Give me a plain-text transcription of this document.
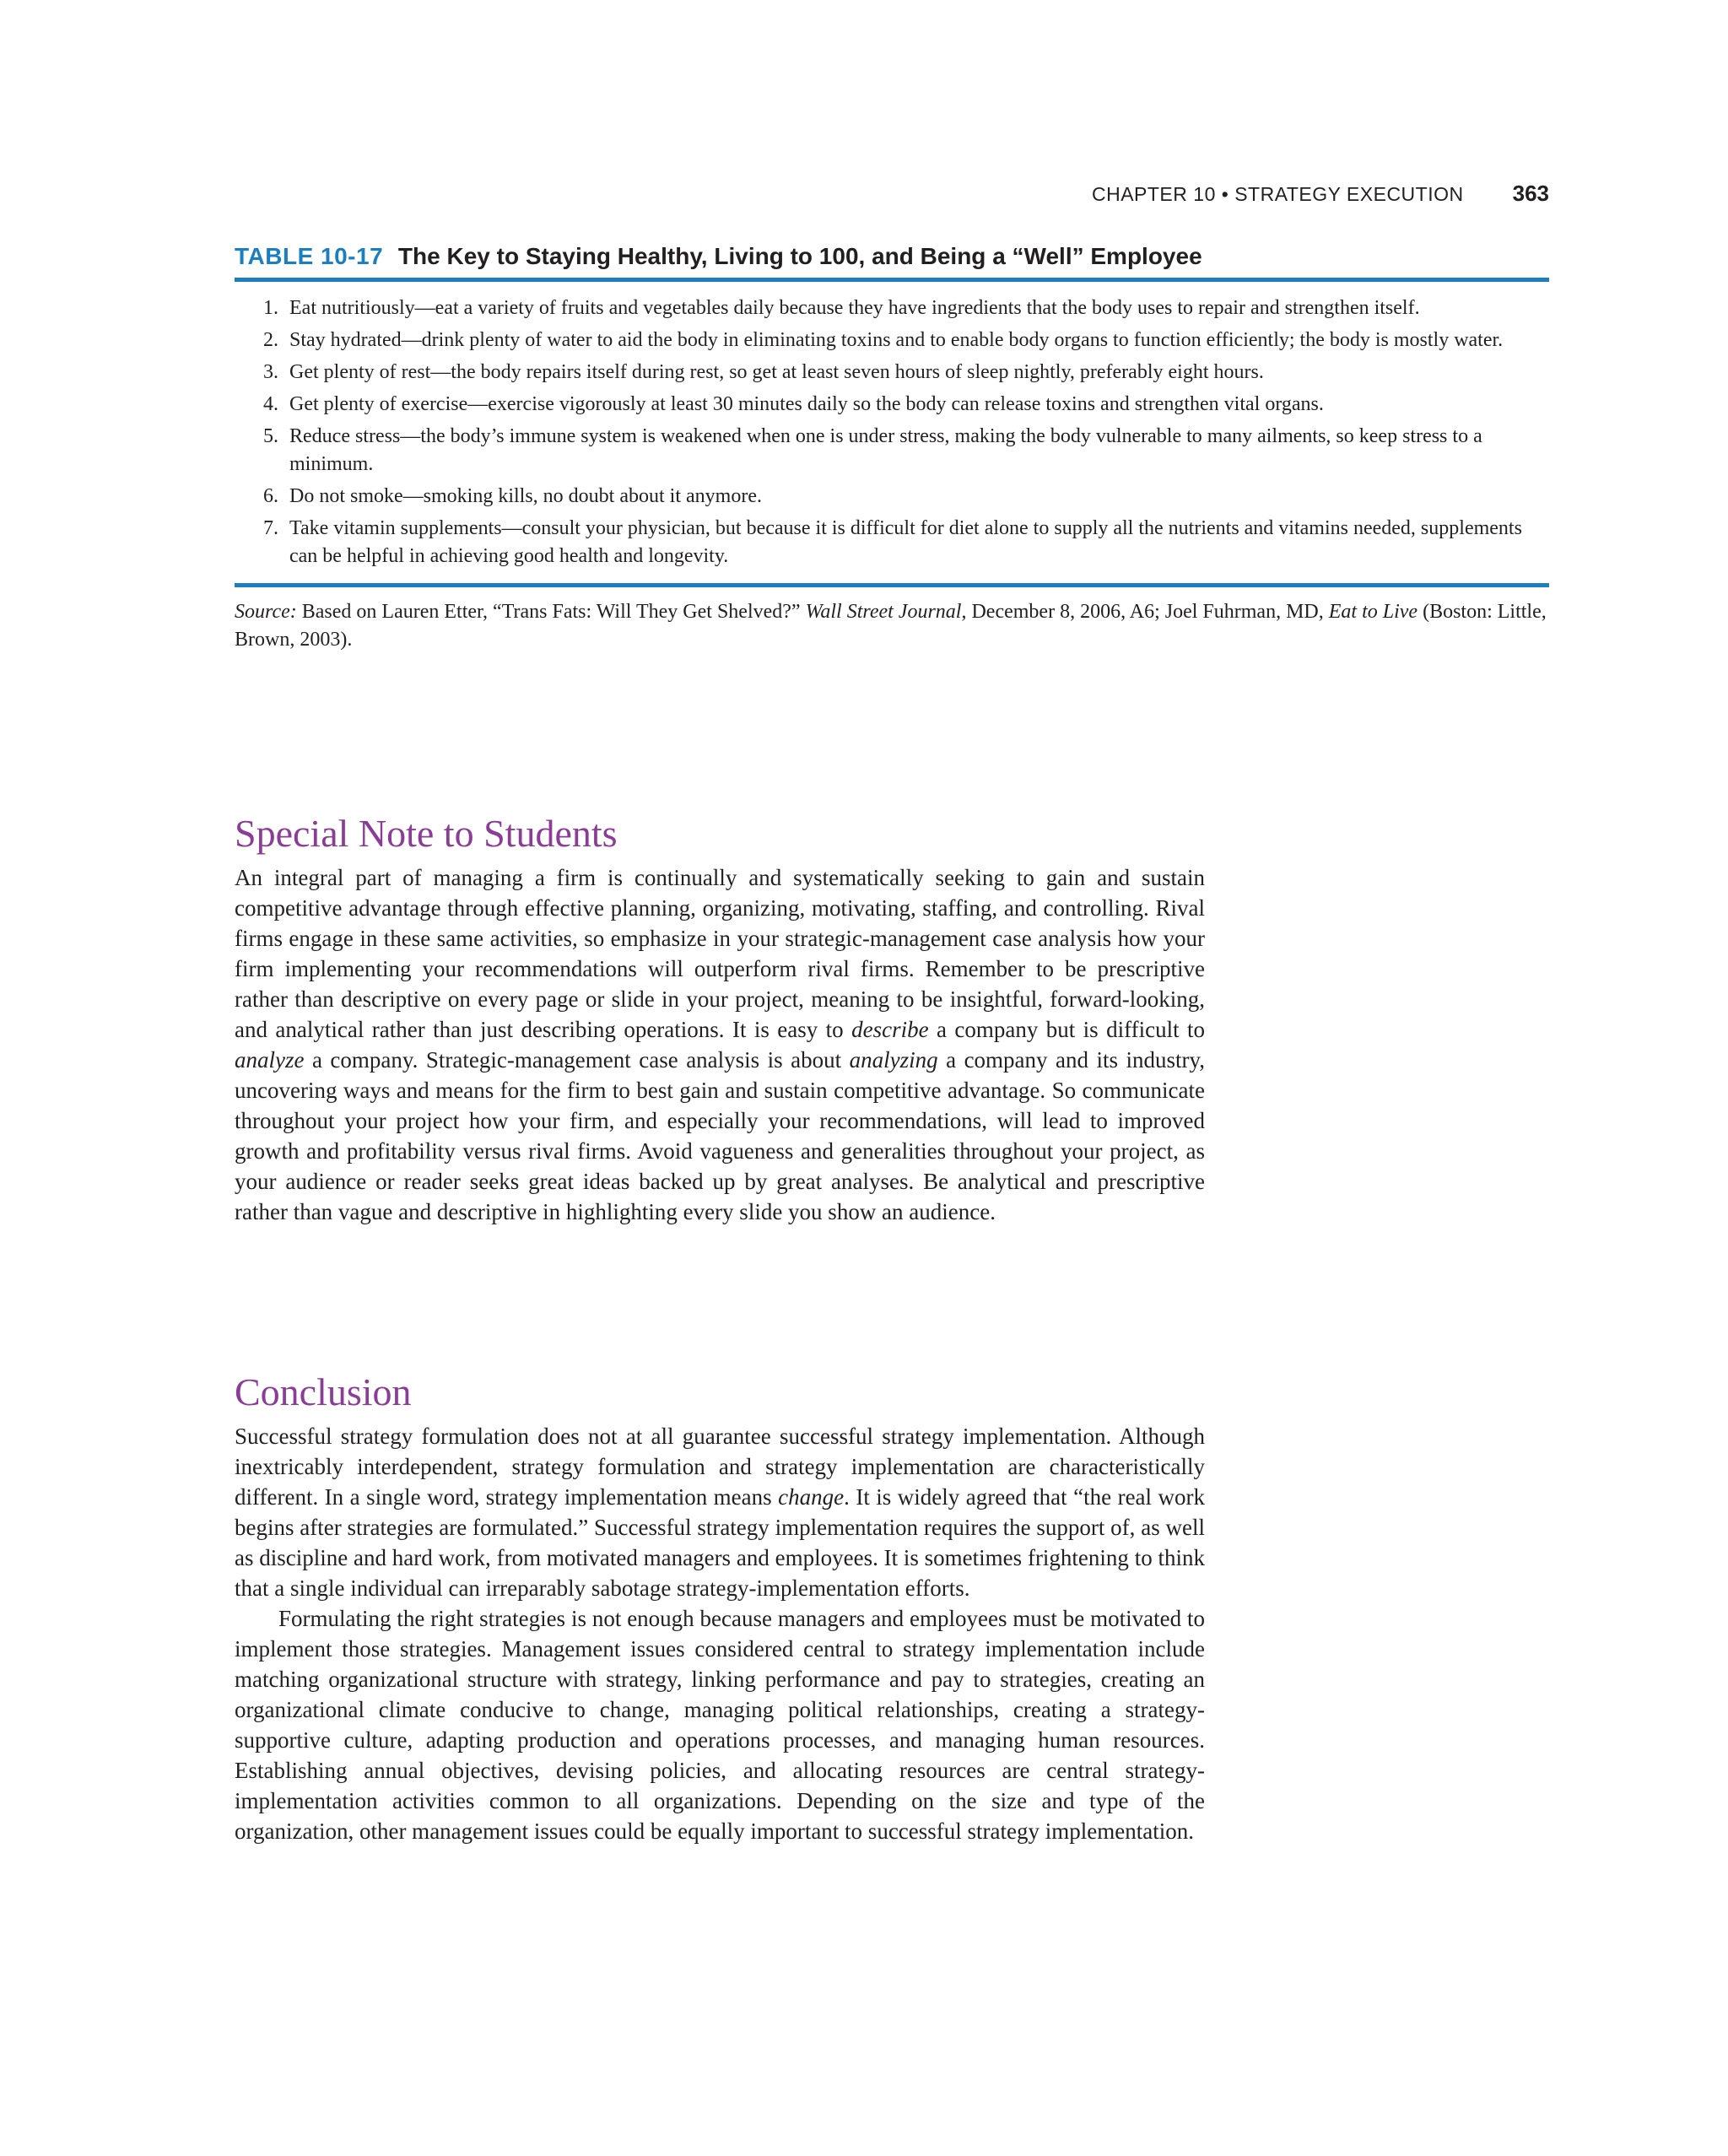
CHAPTER 10 • STRATEGY EXECUTION 363
TABLE 10-17 The Key to Staying Healthy, Living to 100, and Being a “Well” Employee
1. Eat nutritiously—eat a variety of fruits and vegetables daily because they have ingredients that the body uses to repair and strengthen itself.
2. Stay hydrated—drink plenty of water to aid the body in eliminating toxins and to enable body organs to function efficiently; the body is mostly water.
3. Get plenty of rest—the body repairs itself during rest, so get at least seven hours of sleep nightly, preferably eight hours.
4. Get plenty of exercise—exercise vigorously at least 30 minutes daily so the body can release toxins and strengthen vital organs.
5. Reduce stress—the body’s immune system is weakened when one is under stress, making the body vulnerable to many ailments, so keep stress to a minimum.
6. Do not smoke—smoking kills, no doubt about it anymore.
7. Take vitamin supplements—consult your physician, but because it is difficult for diet alone to supply all the nutrients and vitamins needed, supplements can be helpful in achieving good health and longevity.

Source: Based on Lauren Etter, “Trans Fats: Will They Get Shelved?” Wall Street Journal, December 8, 2006, A6; Joel Fuhrman, MD, Eat to Live (Boston: Little, Brown, 2003).

Special Note to Students

An integral part of managing a firm is continually and systematically seeking to gain and sustain competitive advantage through effective planning, organizing, motivating, staffing, and controlling. Rival firms engage in these same activities, so emphasize in your strategic-management case analysis how your firm implementing your recommendations will outperform rival firms. Remember to be prescriptive rather than descriptive on every page or slide in your project, meaning to be insightful, forward-looking, and analytical rather than just describing operations. It is easy to describe a company but is difficult to analyze a company. Strategic-management case analysis is about analyzing a company and its industry, uncovering ways and means for the firm to best gain and sustain competitive advantage. So communicate throughout your project how your firm, and especially your recommendations, will lead to improved growth and profitability versus rival firms. Avoid vagueness and generalities throughout your project, as your audience or reader seeks great ideas backed up by great analyses. Be analytical and prescriptive rather than vague and descriptive in highlighting every slide you show an audience.

Conclusion

Successful strategy formulation does not at all guarantee successful strategy implementation. Although inextricably interdependent, strategy formulation and strategy implementation are characteristically different. In a single word, strategy implementation means change. It is widely agreed that “the real work begins after strategies are formulated.” Successful strategy implementation requires the support of, as well as discipline and hard work, from motivated managers and employees. It is sometimes frightening to think that a single individual can irreparably sabotage strategy-implementation efforts.

Formulating the right strategies is not enough because managers and employees must be motivated to implement those strategies. Management issues considered central to strategy implementation include matching organizational structure with strategy, linking performance and pay to strategies, creating an organizational climate conducive to change, managing political relationships, creating a strategy-supportive culture, adapting production and operations processes, and managing human resources. Establishing annual objectives, devising policies, and allocating resources are central strategy-implementation activities common to all organizations. Depending on the size and type of the organization, other management issues could be equally important to successful strategy implementation.
